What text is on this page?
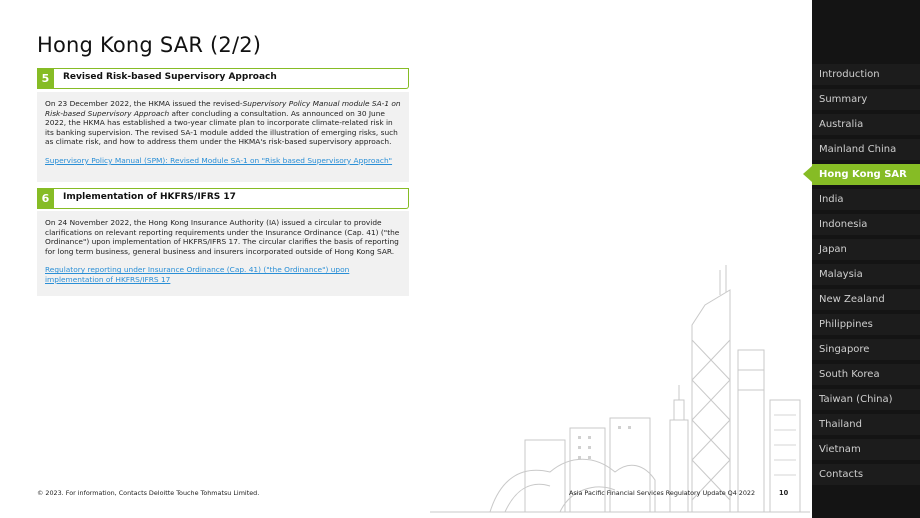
Hong Kong SAR (2/2)
5	Revised Risk-based Supervisory Approach

On 23 December 2022, the HKMA issued the revised-Supervisory Policy Manual module SA-1 on Risk-based Supervisory Approach after concluding a consultation. As announced on 30 June 2022, the HKMA has established a two-year climate plan to incorporate climate-related risk in its banking supervision. The revised SA-1 module added the illustration of emerging risks, such as climate risk, and how to address them under the HKMA's risk-based supervisory approach.

Supervisory Policy Manual (SPM): Revised Module SA-1 on "Risk based Supervisory Approach"
6	Implementation of HKFRS/IFRS 17

On 24 November 2022, the Hong Kong Insurance Authority (IA) issued a circular to provide clarifications on relevant reporting requirements under the Insurance Ordinance (Cap. 41) ("the Ordinance") upon implementation of HKFRS/IFRS 17. The circular clarifies the basis of reporting for long term business, general business and insurers incorporated outside of Hong Kong SAR.

Regulatory reporting under Insurance Ordinance (Cap. 41) ("the Ordinance") upon implementation of HKFRS/IFRS 17
© 2023. For information, Contacts Deloitte Touche Tohmatsu Limited.	Asia Pacific Financial Services Regulatory Update Q4 2022	10
Introduction
Summary
Australia
Mainland China
Hong Kong SAR
India
Indonesia
Japan
Malaysia
New Zealand
Philippines
Singapore
South Korea
Taiwan (China)
Thailand
Vietnam
Contacts
